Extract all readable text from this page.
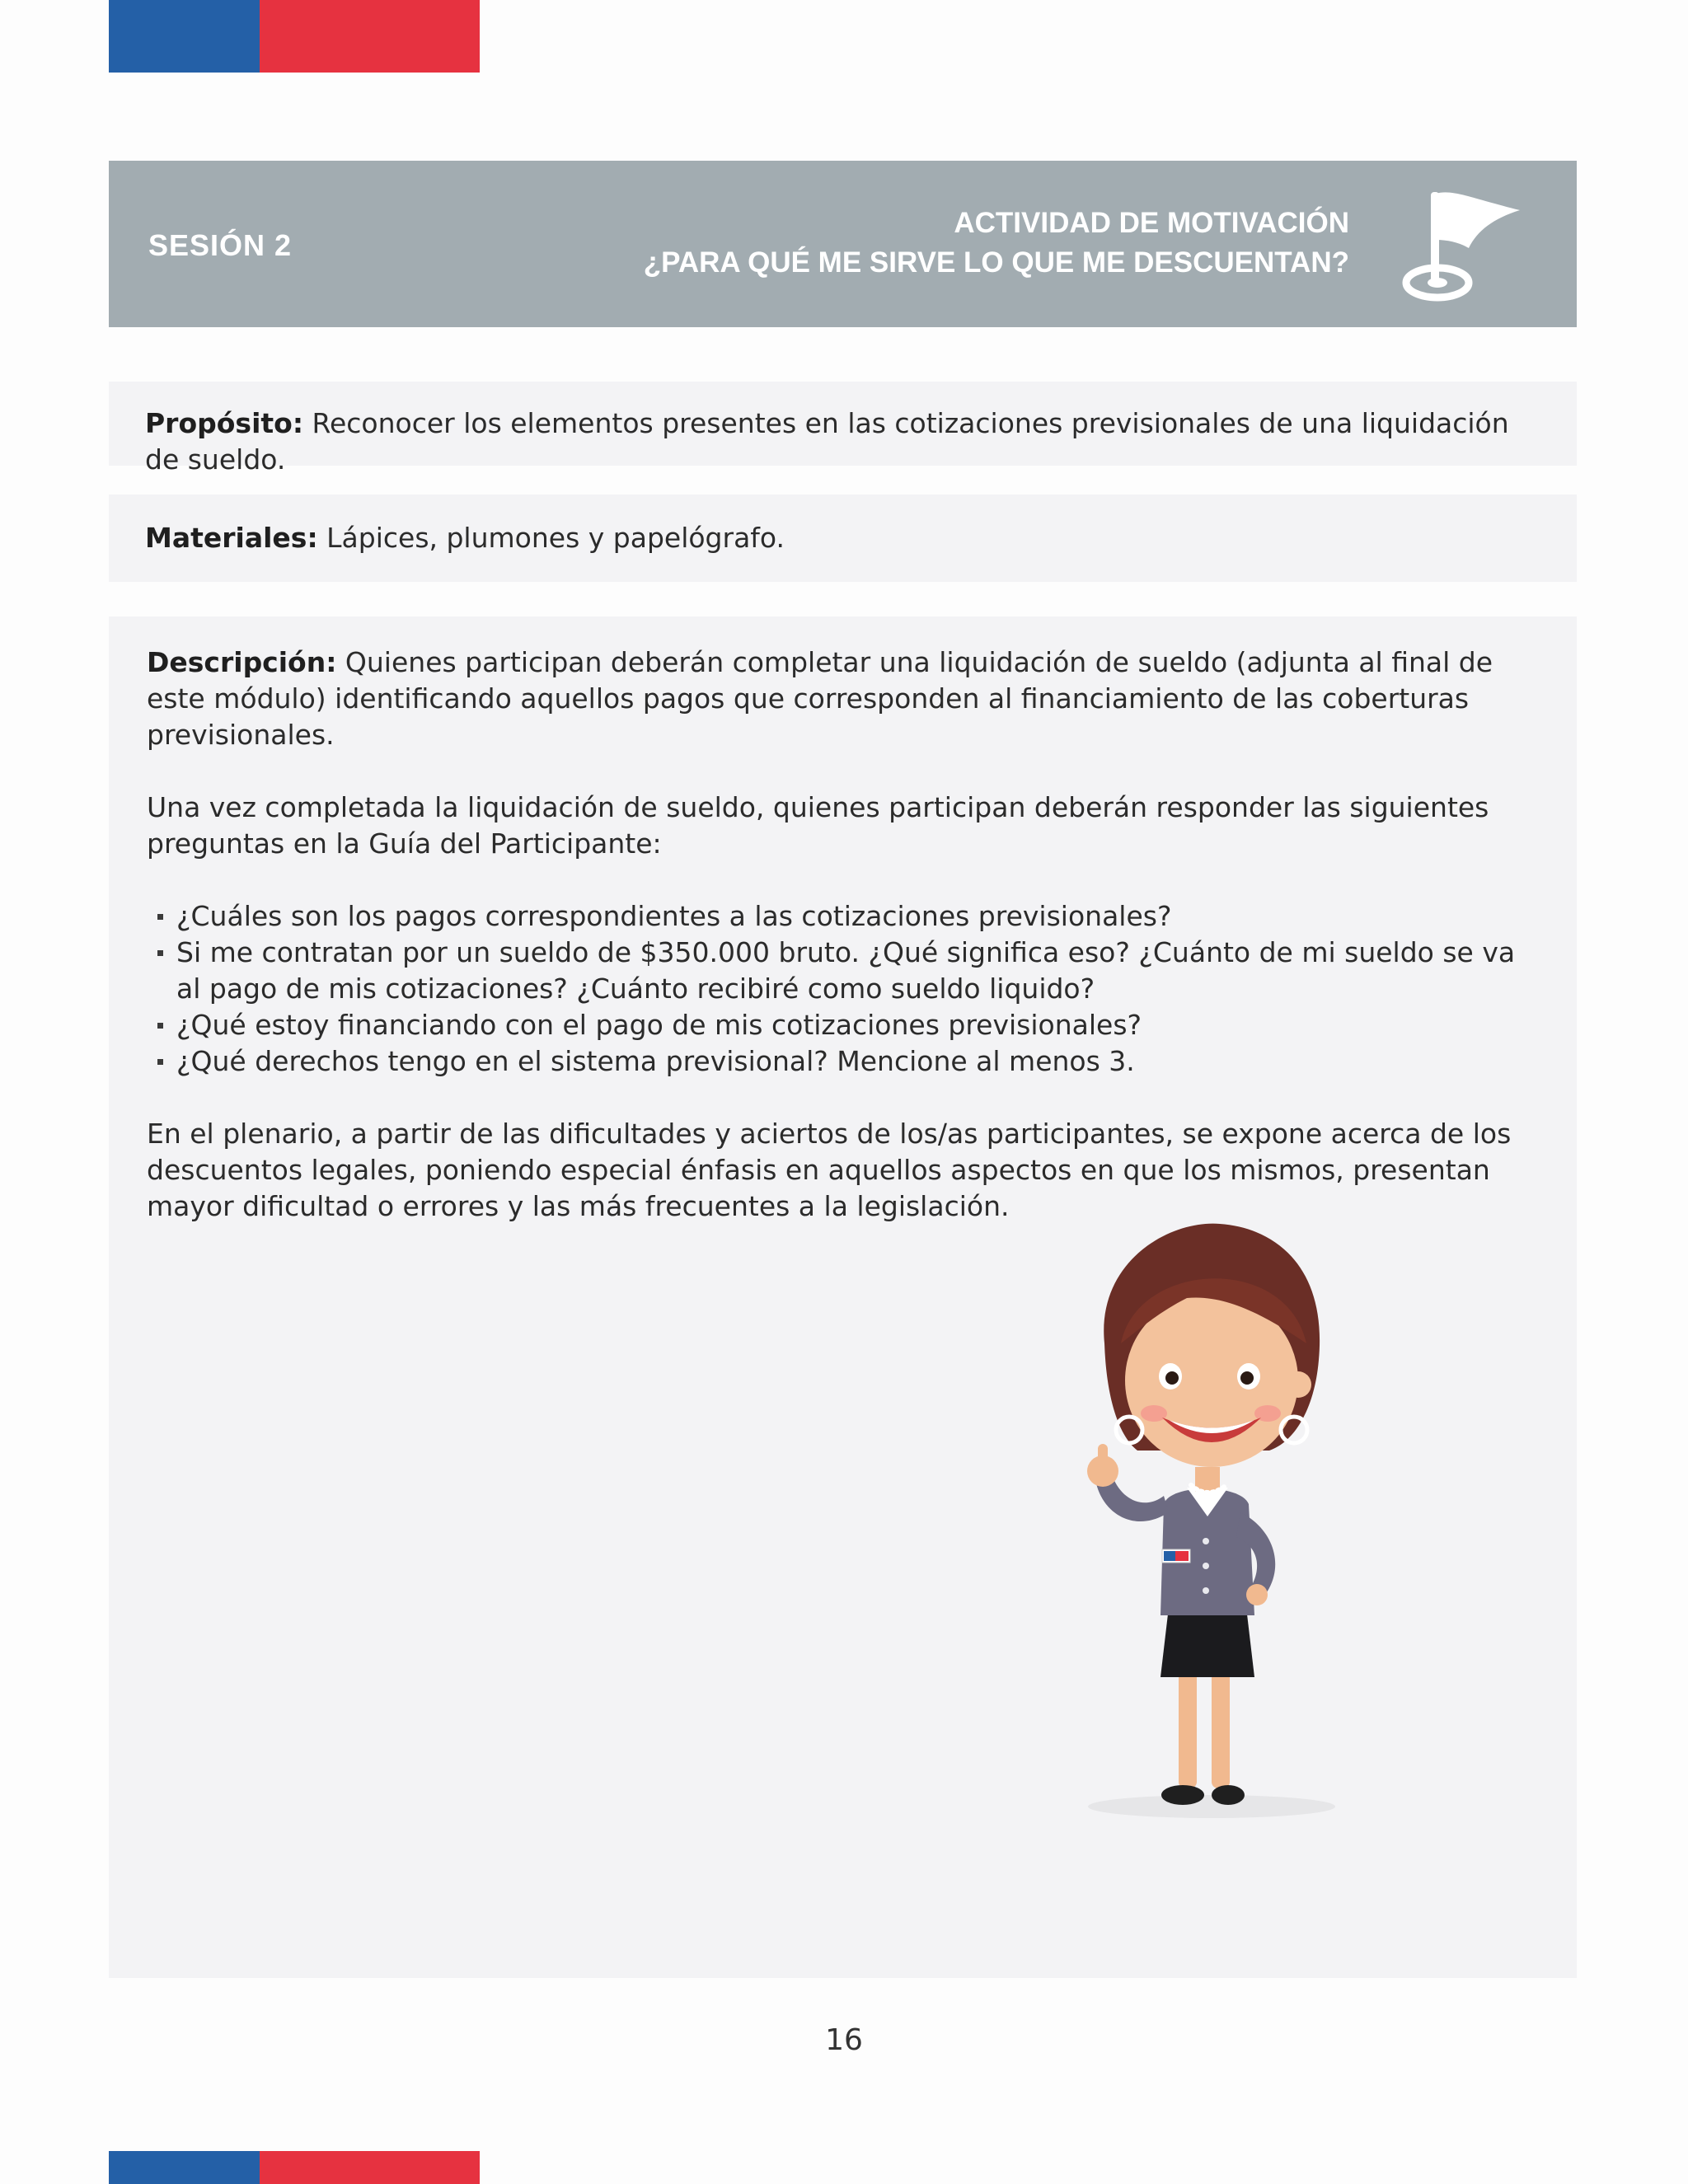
SESIÓN 2
ACTIVIDAD DE MOTIVACIÓN
¿PARA QUÉ ME SIRVE LO QUE ME DESCUENTAN?
Propósito: Reconocer los elementos presentes en las cotizaciones previsionales de una liquidación de sueldo.
Materiales: Lápices, plumones y papelógrafo.

Descripción: Quienes participan deberán completar una liquidación de sueldo (adjunta al final de este módulo) identificando aquellos pagos que corresponden al financiamiento de las coberturas previsionales.

Una vez completada la liquidación de sueldo, quienes participan deberán responder las siguientes preguntas en la Guía del Participante:

¿Cuáles son los pagos correspondientes a las cotizaciones previsionales?
Si me contratan por un sueldo de $350.000 bruto. ¿Qué significa eso? ¿Cuánto de mi sueldo se va al pago de mis cotizaciones? ¿Cuánto recibiré como sueldo liquido?
¿Qué estoy financiando con el pago de mis cotizaciones previsionales?
¿Qué derechos tengo en el sistema previsional? Mencione al menos 3.

En el plenario, a partir de las dificultades y aciertos de los/as participantes, se expone acerca de los descuentos legales, poniendo especial énfasis en aquellos aspectos en que los mismos, presentan mayor dificultad o errores y las más frecuentes a la legislación.

16
